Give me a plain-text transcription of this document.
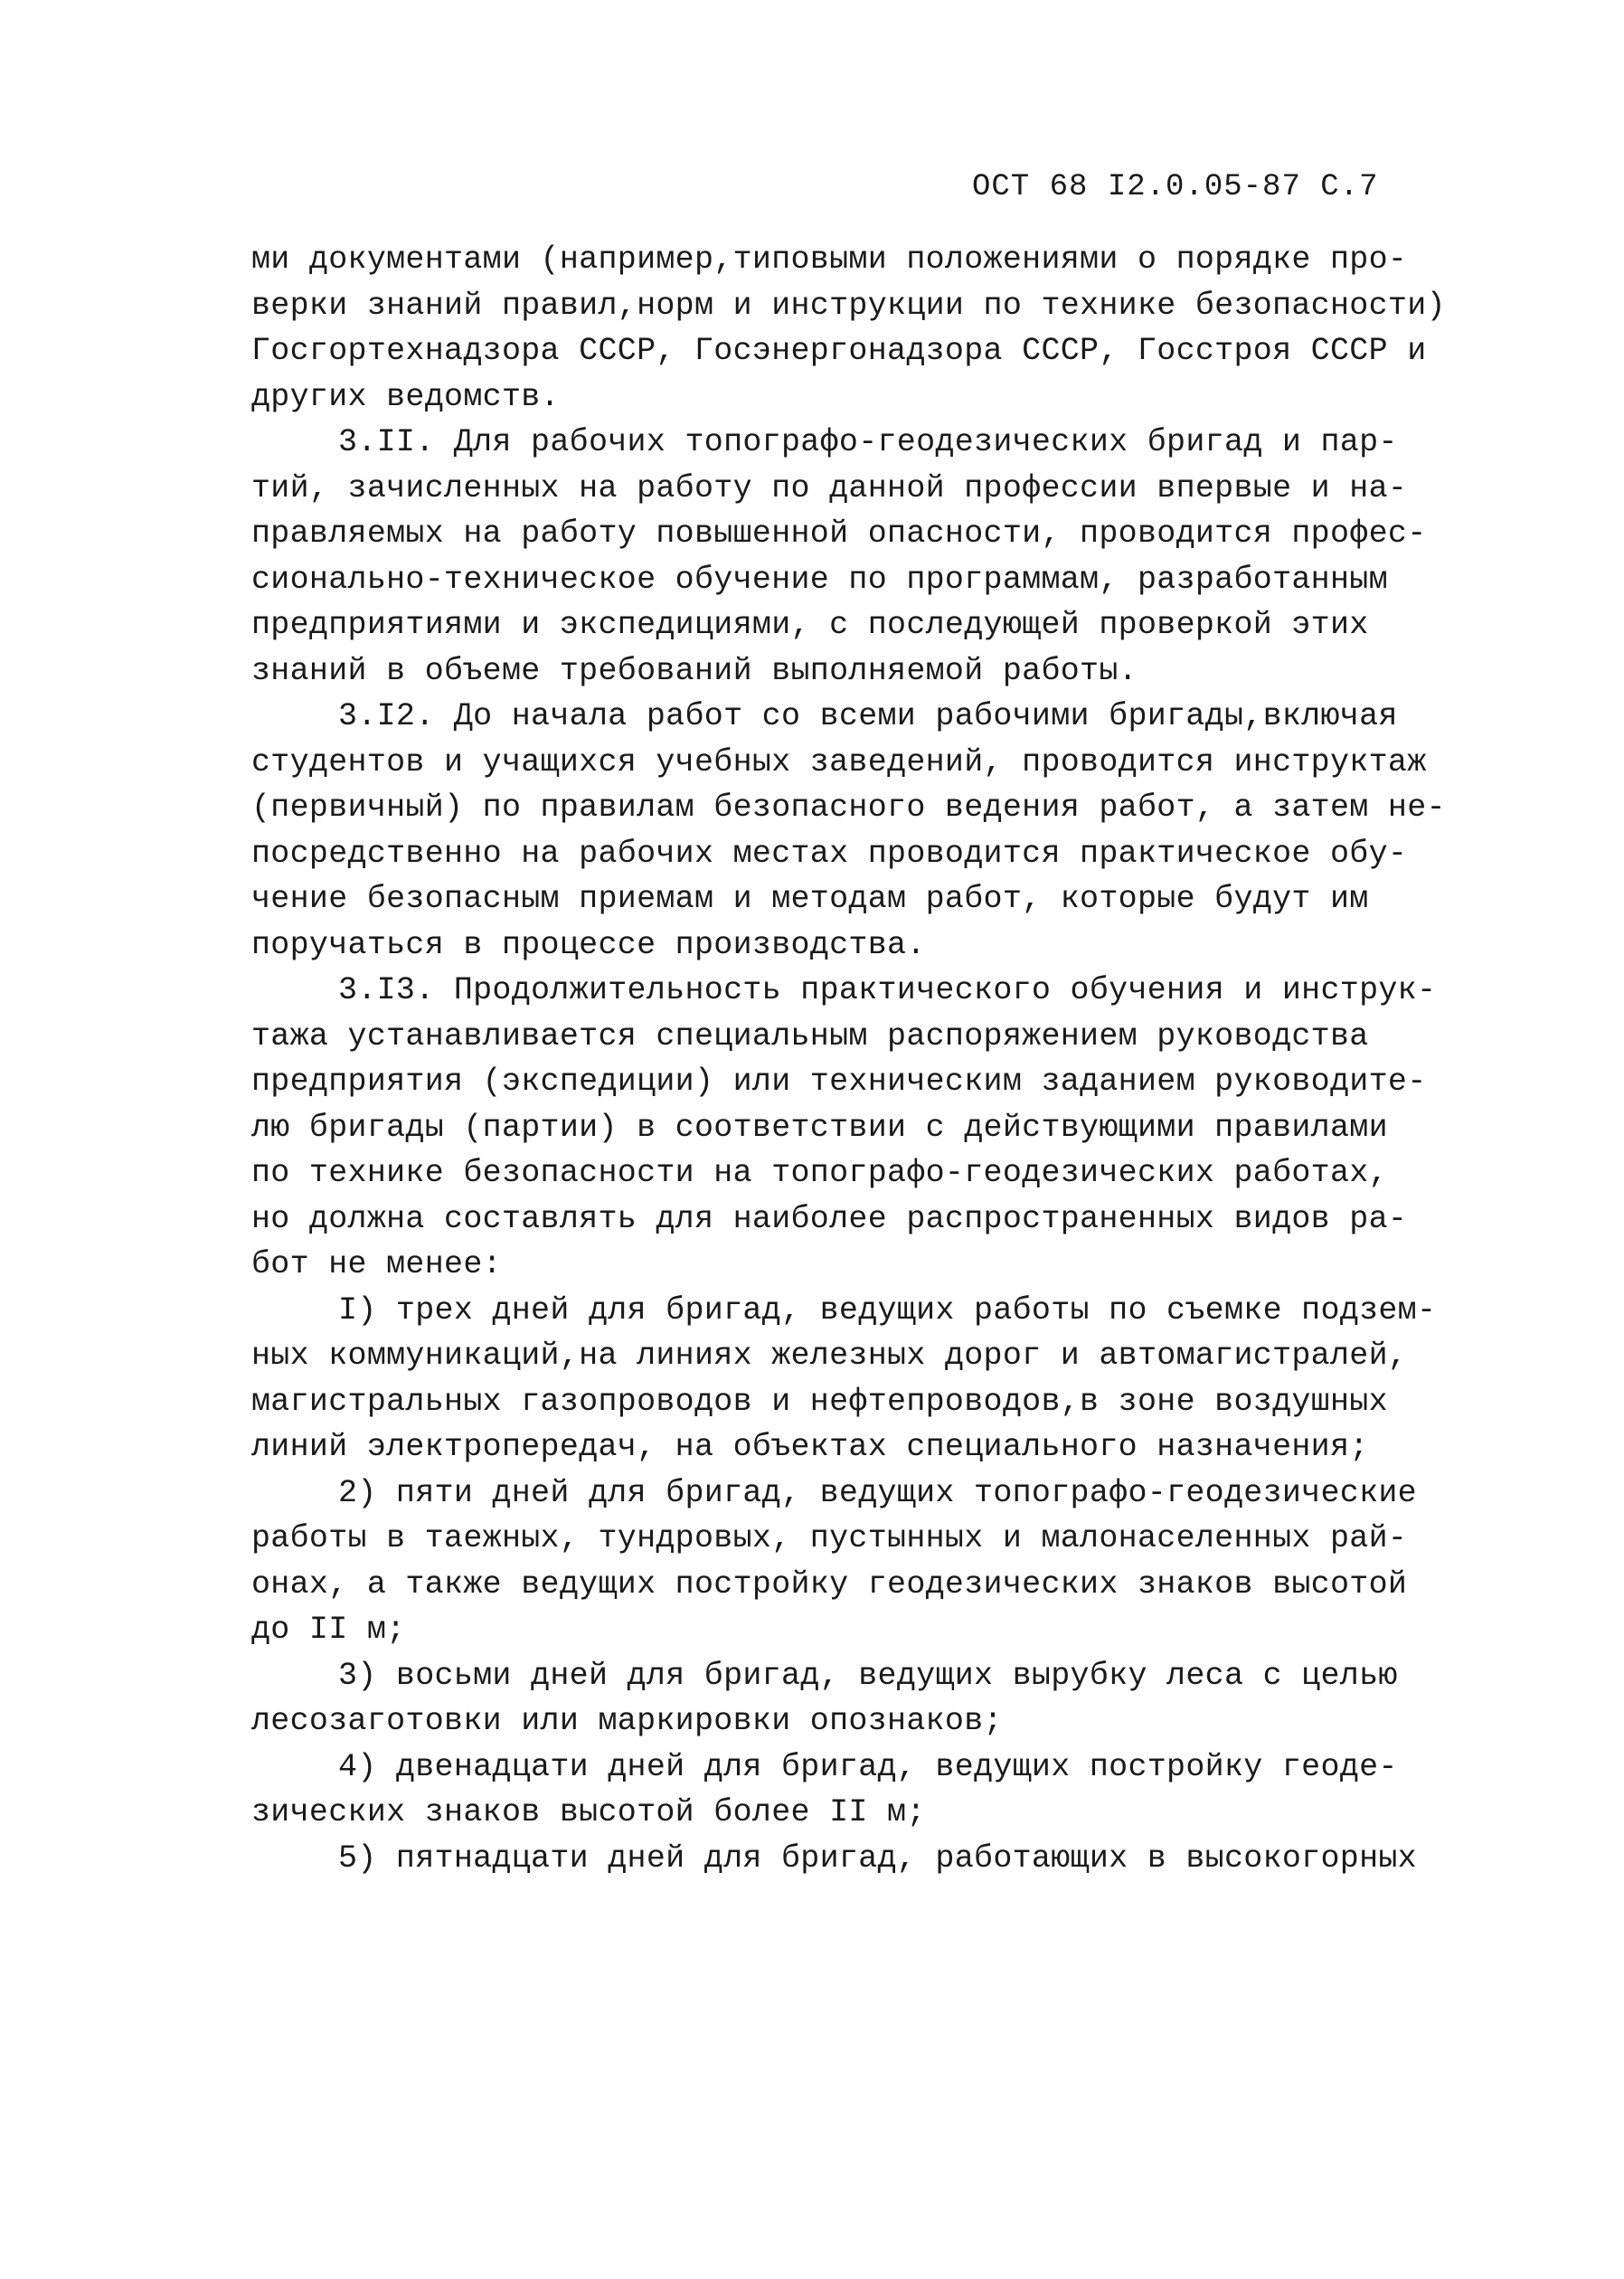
ОСТ 68 I2.0.05-87 С.7
ми документами (например,типовыми положениями о порядке про-
верки знаний правил,норм и инструкции по технике безопасности)
Госгортехнадзора СССР, Госэнергонадзора СССР, Госстроя СССР и
других ведомств.
3.II. Для рабочих топографо-геодезических бригад и пар-
тий, зачисленных на работу по данной профессии впервые и на-
правляемых на работу повышенной опасности, проводится профес-
сионально-техническое обучение по программам, разработанным
предприятиями и экспедициями, с последующей проверкой этих
знаний в объеме требований выполняемой работы.
3.I2. До начала работ со всеми рабочими бригады,включая
студентов и учащихся учебных заведений, проводится инструктаж
(первичный) по правилам безопасного ведения работ, а затем не-
посредственно на рабочих местах проводится практическое обу-
чение безопасным приемам и методам работ, которые будут им
поручаться в процессе производства.
3.I3. Продолжительность практического обучения и инструк-
тажа устанавливается специальным распоряжением руководства
предприятия (экспедиции) или техническим заданием руководите-
лю бригады (партии) в соответствии с действующими правилами
по технике безопасности на топографо-геодезических работах,
но должна составлять для наиболее распространенных видов ра-
бот не менее:
I) трех дней для бригад, ведущих работы по съемке подзем-
ных коммуникаций,на линиях железных дорог и автомагистралей,
магистральных газопроводов и нефтепроводов,в зоне воздушных
линий электропередач, на объектах специального назначения;
2) пяти дней для бригад, ведущих топографо-геодезические
работы в таежных, тундровых, пустынных и малонаселенных рай-
онах, а также ведущих постройку геодезических знаков высотой
до II м;
3) восьми дней для бригад, ведущих вырубку леса с целью
лесозаготовки или маркировки опознаков;
4) двенадцати дней для бригад, ведущих постройку геоде-
зических знаков высотой более II м;
5) пятнадцати дней для бригад, работающих в высокогорных
